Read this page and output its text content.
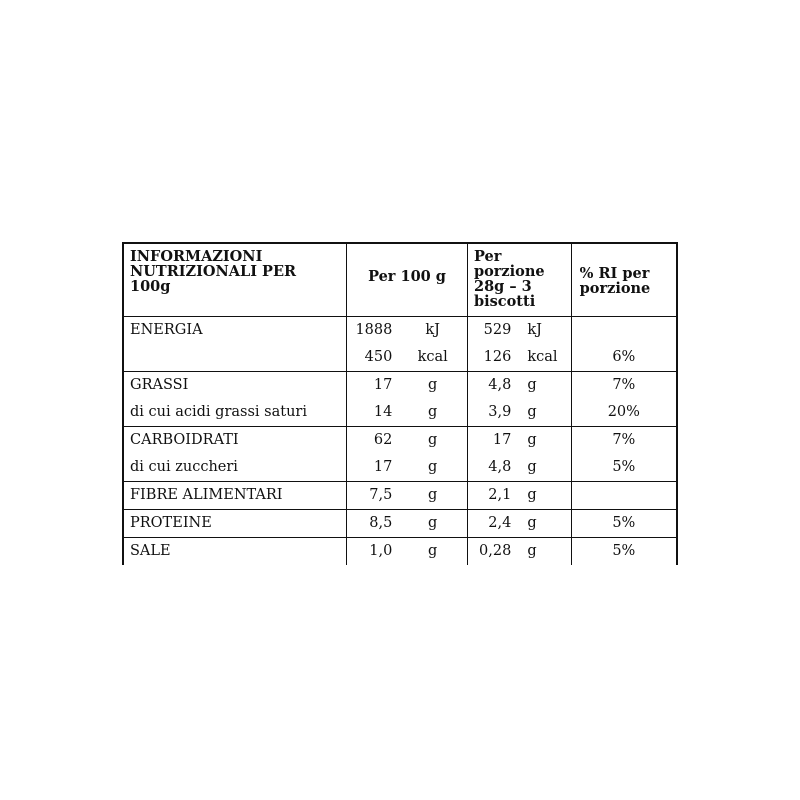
INFORMAZIONI NUTRIZIONALI PER 100g	Per 100 g		Per porzione 28g – 3 biscotti		% RI per porzione
ENERGIA	1888	kJ	529	kJ	
	450	kcal	126	kcal	6%
GRASSI	17	g	4,8	g	7%
di cui acidi grassi saturi	14	g	3,9	g	20%
CARBOIDRATI	62	g	17	g	7%
di cui zuccheri	17	g	4,8	g	5%
FIBRE ALIMENTARI	7,5	g	2,1	g	
PROTEINE	8,5	g	2,4	g	5%
SALE	1,0	g	0,28	g	5%
